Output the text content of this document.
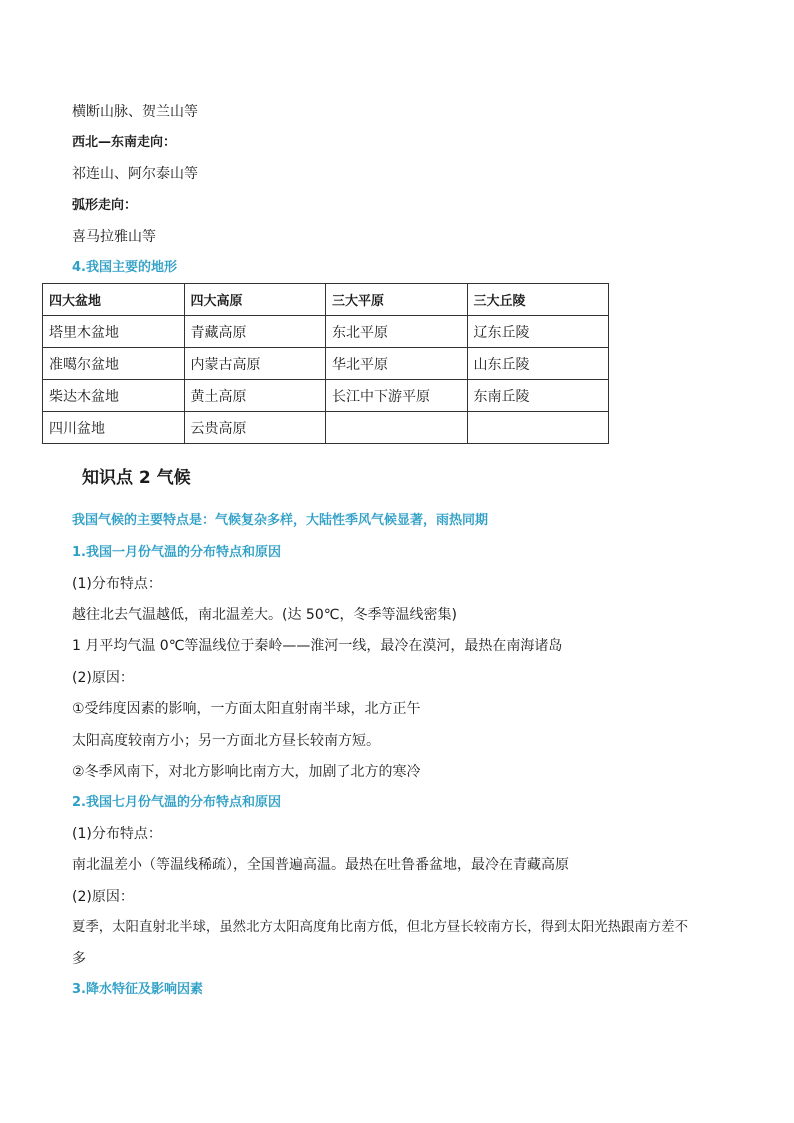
横断山脉、贺兰山等
西北—东南走向：
祁连山、阿尔泰山等
弧形走向：
喜马拉雅山等
4.我国主要的地形
四大盆地	四大高原	三大平原	三大丘陵
塔里木盆地	青藏高原	东北平原	辽东丘陵
准噶尔盆地	内蒙古高原	华北平原	山东丘陵
柴达木盆地	黄土高原	长江中下游平原	东南丘陵
四川盆地	云贵高原		
知识点 2 气候
我国气候的主要特点是：气候复杂多样，大陆性季风气候显著，雨热同期
1.我国一月份气温的分布特点和原因
(1)分布特点：
越往北去气温越低，南北温差大。(达 50℃，冬季等温线密集)
1 月平均气温 0℃等温线位于秦岭——淮河一线，最冷在漠河，最热在南海诸岛
(2)原因：
①受纬度因素的影响，一方面太阳直射南半球，北方正午
太阳高度较南方小；另一方面北方昼长较南方短。
②冬季风南下，对北方影响比南方大，加剧了北方的寒冷
2.我国七月份气温的分布特点和原因
(1)分布特点：
南北温差小（等温线稀疏），全国普遍高温。最热在吐鲁番盆地，最冷在青藏高原
(2)原因：
夏季，太阳直射北半球，虽然北方太阳高度角比南方低，但北方昼长较南方长，得到太阳光热跟南方差不
多
3.降水特征及影响因素
